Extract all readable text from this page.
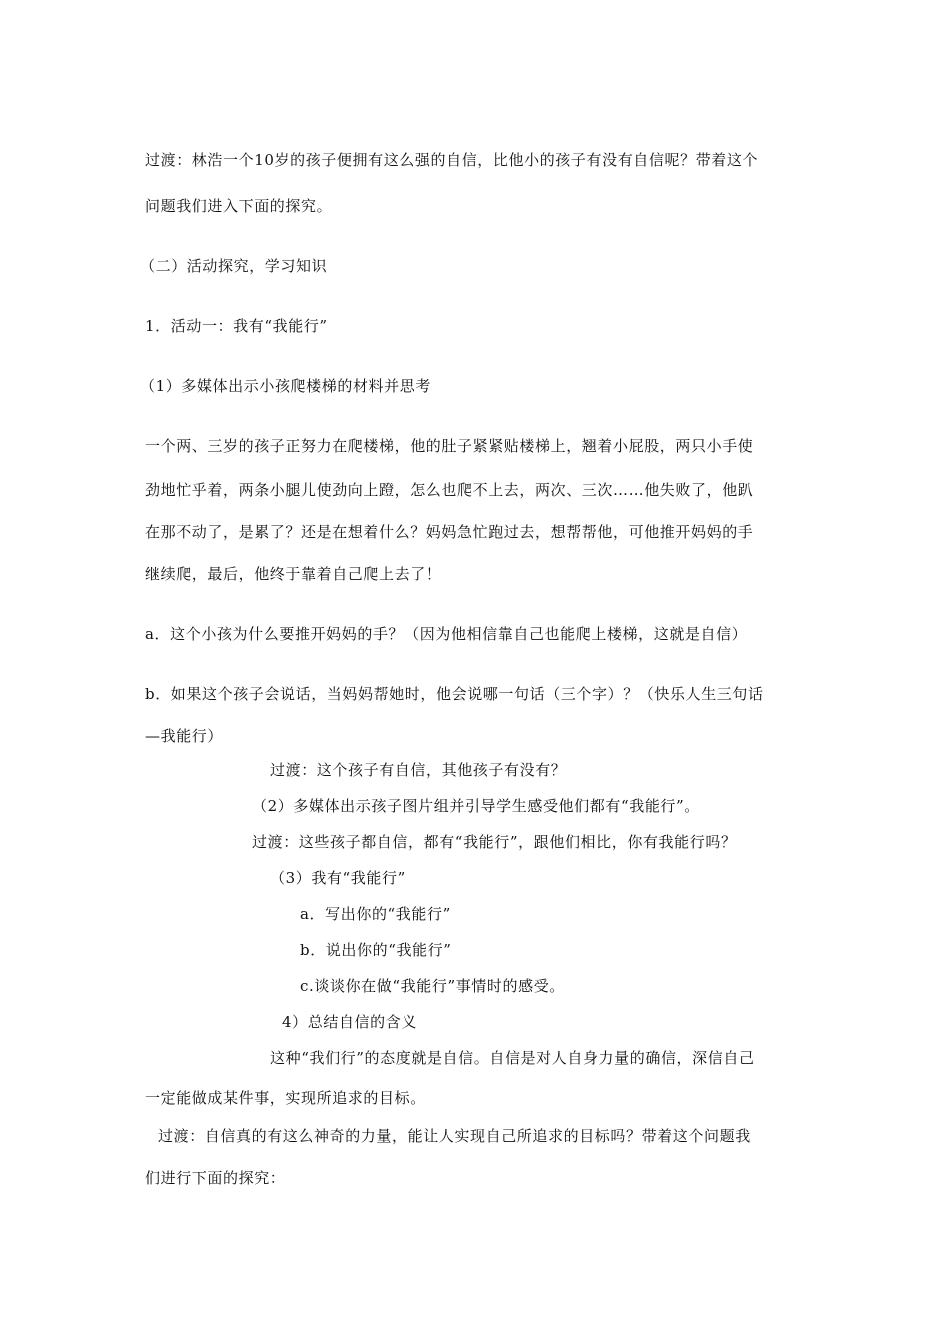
过渡：林浩一个10岁的孩子便拥有这么强的自信，比他小的孩子有没有自信呢？带着这个
问题我们进入下面的探究。
（二）活动探究，学习知识
1．活动一：我有“我能行”
（1）多媒体出示小孩爬楼梯的材料并思考
一个两、三岁的孩子正努力在爬楼梯，他的肚子紧紧贴楼梯上，翘着小屁股，两只小手使
劲地忙乎着，两条小腿儿使劲向上蹬，怎么也爬不上去，两次、三次……他失败了，他趴
在那不动了，是累了？还是在想着什么？妈妈急忙跑过去，想帮帮他，可他推开妈妈的手
继续爬，最后，他终于靠着自己爬上去了！
a．这个小孩为什么要推开妈妈的手？（因为他相信靠自己也能爬上楼梯，这就是自信）
b．如果这个孩子会说话，当妈妈帮她时，他会说哪一句话（三个字）？（快乐人生三句话
—我能行）
过渡：这个孩子有自信，其他孩子有没有？
（2）多媒体出示孩子图片组并引导学生感受他们都有“我能行”。
过渡：这些孩子都自信，都有“我能行”，跟他们相比，你有我能行吗？
（3）我有“我能行”
a．写出你的“我能行”
b．说出你的“我能行”
c.谈谈你在做“我能行”事情时的感受。
4）总结自信的含义
这种“我们行”的态度就是自信。自信是对人自身力量的确信，深信自己
一定能做成某件事，实现所追求的目标。
过渡：自信真的有这么神奇的力量，能让人实现自己所追求的目标吗？带着这个问题我
们进行下面的探究：
